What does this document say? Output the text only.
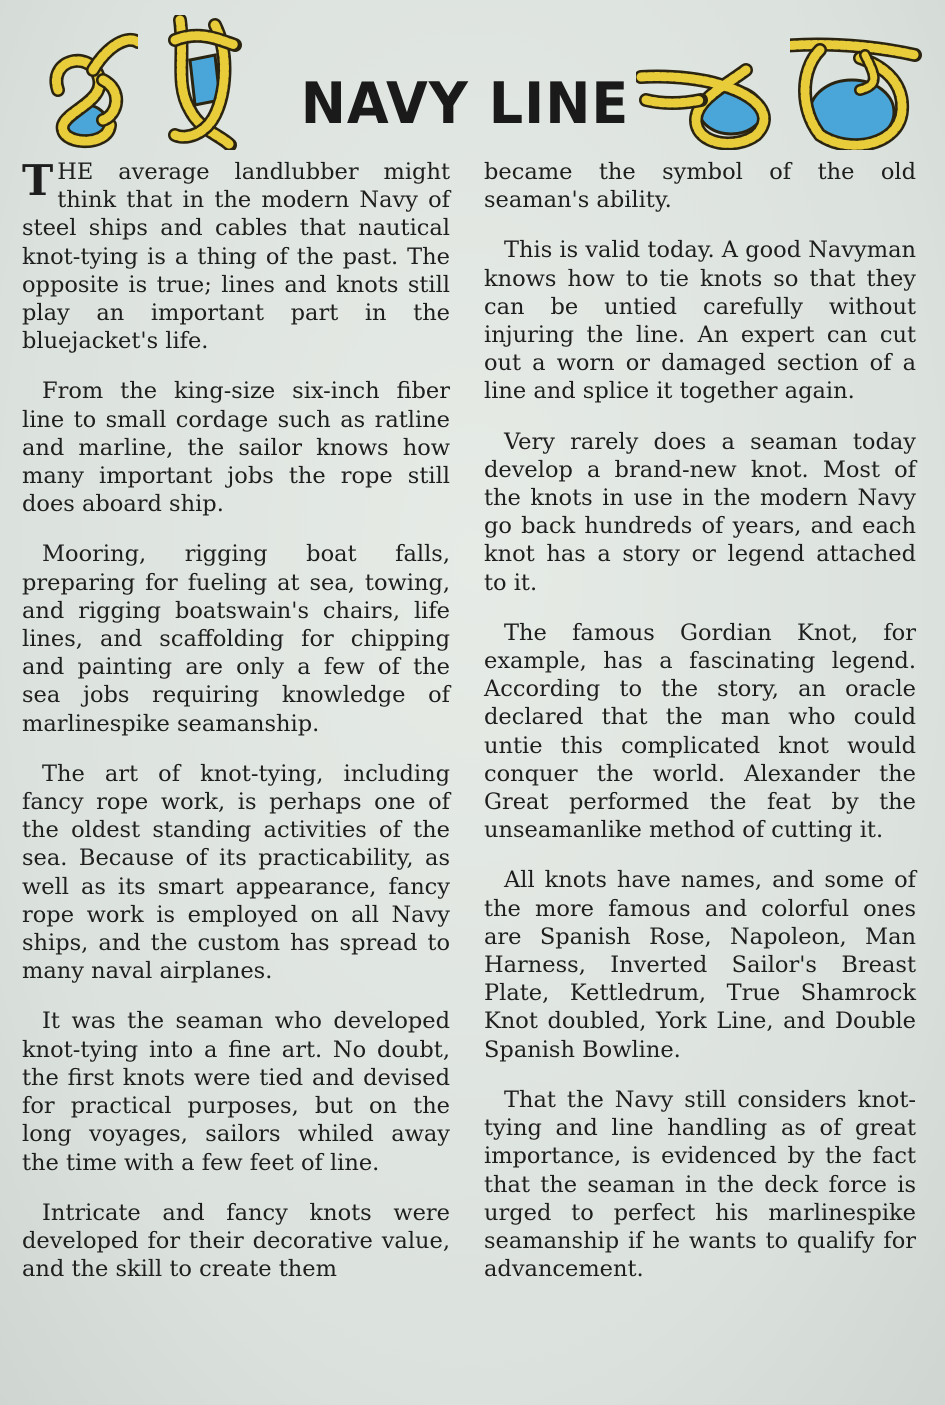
NAVY LINE

THE average landlubber might think that in the modern Navy of steel ships and cables that nautical knot-tying is a thing of the past. The opposite is true; lines and knots still play an important part in the bluejacket's life.

From the king-size six-inch fiber line to small cordage such as ratline and marline, the sailor knows how many important jobs the rope still does aboard ship.

Mooring, rigging boat falls, preparing for fueling at sea, towing, and rigging boatswain's chairs, life lines, and scaffolding for chipping and painting are only a few of the sea jobs requiring knowledge of marlinespike seamanship.

The art of knot-tying, including fancy rope work, is perhaps one of the oldest standing activities of the sea. Because of its practicability, as well as its smart appearance, fancy rope work is employed on all Navy ships, and the custom has spread to many naval airplanes.

It was the seaman who developed knot-tying into a fine art. No doubt, the first knots were tied and devised for practical purposes, but on the long voyages, sailors whiled away the time with a few feet of line.

Intricate and fancy knots were developed for their decorative value, and the skill to create them

became the symbol of the old seaman's ability.

This is valid today. A good Navyman knows how to tie knots so that they can be untied carefully without injuring the line. An expert can cut out a worn or damaged section of a line and splice it together again.

Very rarely does a seaman today develop a brand-new knot. Most of the knots in use in the modern Navy go back hundreds of years, and each knot has a story or legend attached to it.

The famous Gordian Knot, for example, has a fascinating legend. According to the story, an oracle declared that the man who could untie this complicated knot would conquer the world. Alexander the Great performed the feat by the unseamanlike method of cutting it.

All knots have names, and some of the more famous and colorful ones are Spanish Rose, Napoleon, Man Harness, Inverted Sailor's Breast Plate, Kettledrum, True Shamrock Knot doubled, York Line, and Double Spanish Bowline.

That the Navy still considers knot-tying and line handling as of great importance, is evidenced by the fact that the seaman in the deck force is urged to perfect his marlinespike seamanship if he wants to qualify for advancement.
